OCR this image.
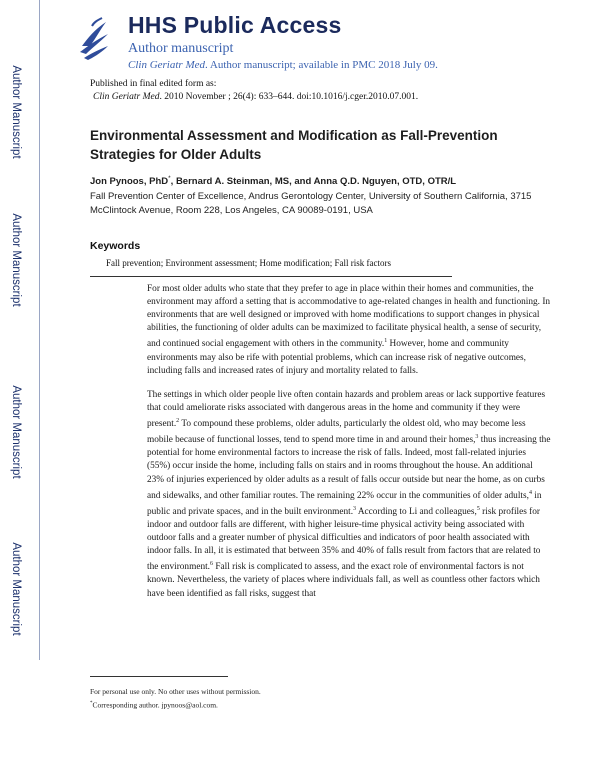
Author Manuscript
Author Manuscript
Author Manuscript
Author Manuscript
HHS Public Access
Author manuscript
Clin Geriatr Med. Author manuscript; available in PMC 2018 July 09.
Published in final edited form as:
Clin Geriatr Med. 2010 November ; 26(4): 633–644. doi:10.1016/j.cger.2010.07.001.
Environmental Assessment and Modification as Fall-Prevention Strategies for Older Adults
Jon Pynoos, PhD*, Bernard A. Steinman, MS, and Anna Q.D. Nguyen, OTD, OTR/L
Fall Prevention Center of Excellence, Andrus Gerontology Center, University of Southern California, 3715 McClintock Avenue, Room 228, Los Angeles, CA 90089-0191, USA
Keywords
Fall prevention; Environment assessment; Home modification; Fall risk factors

For most older adults who state that they prefer to age in place within their homes and communities, the environment may afford a setting that is accommodative to age-related changes in health and functioning. In environments that are well designed or improved with home modifications to support changes in physical abilities, the functioning of older adults can be maximized to facilitate physical health, a sense of security, and continued social engagement with others in the community.$^1$ However, home and community environments may also be rife with potential problems, which can increase risk of negative outcomes, including falls and increased rates of injury and mortality related to falls.

The settings in which older people live often contain hazards and problem areas or lack supportive features that could ameliorate risks associated with dangerous areas in the home and community if they were present.$^2$ To compound these problems, older adults, particularly the oldest old, who may become less mobile because of functional losses, tend to spend more time in and around their homes,$^3$ thus increasing the potential for home environmental factors to increase the risk of falls. Indeed, most fall-related injuries (55%) occur inside the home, including falls on stairs and in rooms throughout the house. An additional 23% of injuries experienced by older adults as a result of falls occur outside but near the home, as on curbs and sidewalks, and other familiar routes. The remaining 22% occur in the communities of older adults,$^4$ in public and private spaces, and in the built environment.$^3$ According to Li and colleagues,$^5$ risk profiles for indoor and outdoor falls are different, with higher leisure-time physical activity being associated with outdoor falls and a greater number of physical difficulties and indicators of poor health associated with indoor falls. In all, it is estimated that between 35% and 40% of falls result from factors that are related to the environment.$^6$ Fall risk is complicated to assess, and the exact role of environmental factors is not known. Nevertheless, the variety of places where individuals fall, as well as countless other factors which have been identified as fall risks, suggest that

For personal use only. No other uses without permission.
*Corresponding author. jpynoos@aol.com.
